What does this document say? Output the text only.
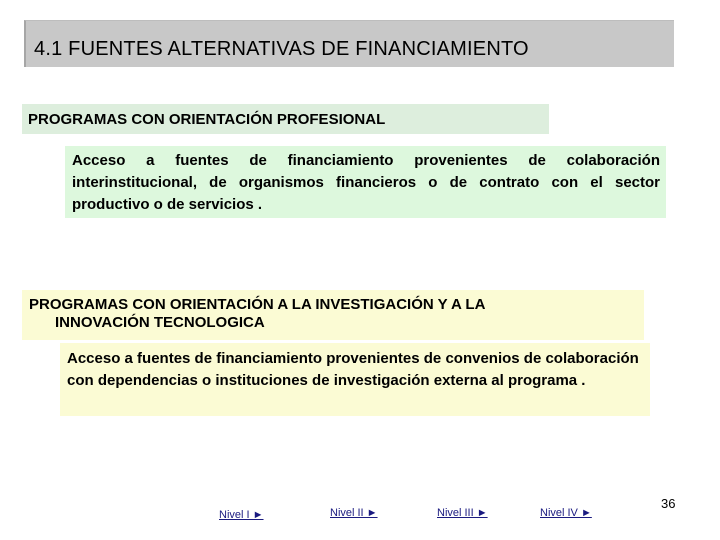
4.1 FUENTES ALTERNATIVAS DE FINANCIAMIENTO
PROGRAMAS CON ORIENTACIÓN PROFESIONAL
Acceso a fuentes de financiamiento provenientes de colaboración interinstitucional, de organismos financieros o de contrato con el sector productivo o de servicios .
PROGRAMAS CON ORIENTACIÓN A LA INVESTIGACIÓN Y A LA
INNOVACIÓN TECNOLOGICA
Acceso a fuentes de financiamiento provenientes de convenios de colaboración con dependencias o instituciones de investigación externa al programa .
Nivel I ►	Nivel II ►	Nivel III ►	Nivel IV ►
36
